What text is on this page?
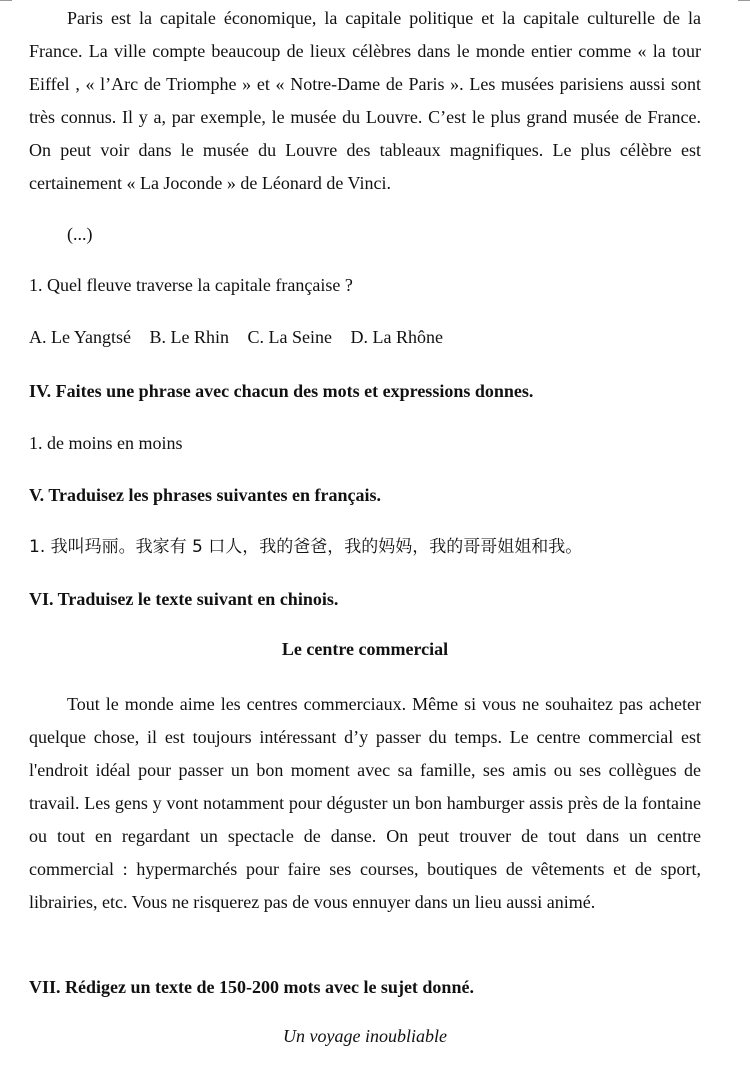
Paris est la capitale économique, la capitale politique et la capitale culturelle de la France. La ville compte beaucoup de lieux célèbres dans le monde entier comme « la tour Eiffel , « l’Arc de Triomphe » et « Notre-Dame de Paris ». Les musées parisiens aussi sont très connus. Il y a, par exemple, le musée du Louvre. C’est le plus grand musée de France. On peut voir dans le musée du Louvre des tableaux magnifiques. Le plus célèbre est certainement « La Joconde » de Léonard de Vinci.

(...)

1. Quel fleuve traverse la capitale française ?

A. Le Yangtsé B. Le Rhin C. La Seine D. La Rhône

IV. Faites une phrase avec chacun des mots et expressions donnes.

1. de moins en moins

V. Traduisez les phrases suivantes en français.

1. 我叫玛丽。我家有 5 口人，我的爸爸，我的妈妈，我的哥哥姐姐和我。

VI. Traduisez le texte suivant en chinois.

Le centre commercial

Tout le monde aime les centres commerciaux. Même si vous ne souhaitez pas acheter quelque chose, il est toujours intéressant d’y passer du temps. Le centre commercial est l'endroit idéal pour passer un bon moment avec sa famille, ses amis ou ses collègues de travail. Les gens y vont notamment pour déguster un bon hamburger assis près de la fontaine ou tout en regardant un spectacle de danse. On peut trouver de tout dans un centre commercial : hypermarchés pour faire ses courses, boutiques de vêtements et de sport, librairies, etc. Vous ne risquerez pas de vous ennuyer dans un lieu aussi animé.

VII. Rédigez un texte de 150-200 mots avec le sujet donné.

Un voyage inoubliable
